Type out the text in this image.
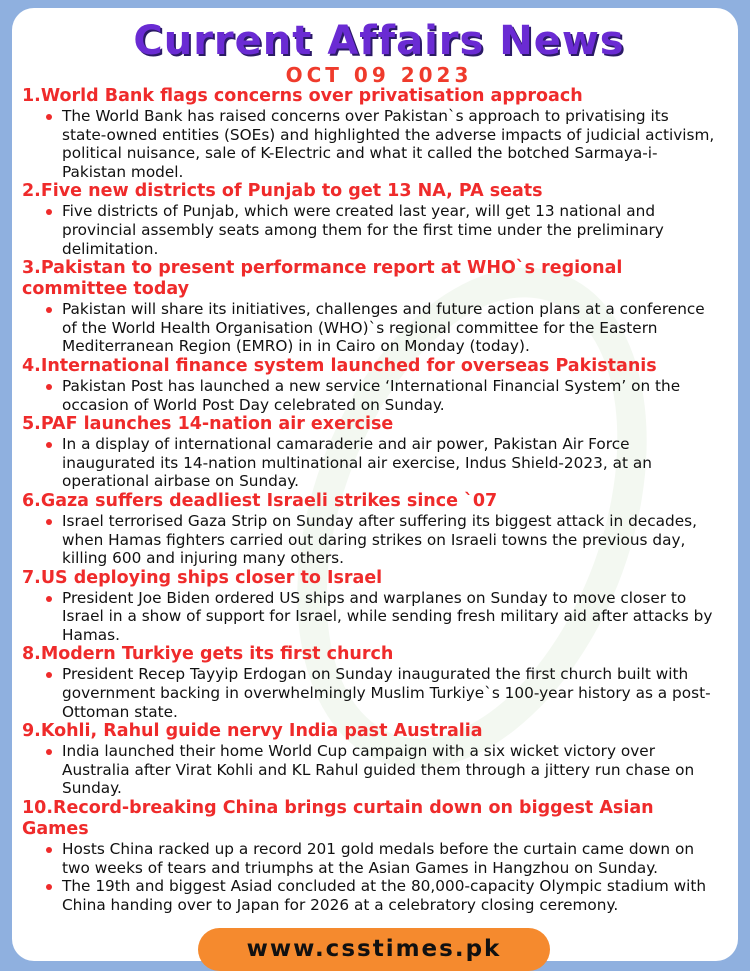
Current Affairs News

OCT 09 2023

1.World Bank flags concerns over privatisation approach
The World Bank has raised concerns over Pakistan`s approach to privatising its state-owned entities (SOEs) and highlighted the adverse impacts of judicial activism, political nuisance, sale of K-Electric and what it called the botched Sarmaya-i-Pakistan model.
2.Five new districts of Punjab to get 13 NA, PA seats
Five districts of Punjab, which were created last year, will get 13 national and provincial assembly seats among them for the first time under the preliminary delimitation.
3.Pakistan to present performance report at WHO`s regional committee today
Pakistan will share its initiatives, challenges and future action plans at a conference of the World Health Organisation (WHO)`s regional committee for the Eastern Mediterranean Region (EMRO) in in Cairo on Monday (today).
4.International finance system launched for overseas Pakistanis
Pakistan Post has launched a new service ‘International Financial System’ on the occasion of World Post Day celebrated on Sunday.
5.PAF launches 14-nation air exercise
In a display of international camaraderie and air power, Pakistan Air Force inaugurated its 14-nation multinational air exercise, Indus Shield-2023, at an operational airbase on Sunday.
6.Gaza suffers deadliest Israeli strikes since `07
Israel terrorised Gaza Strip on Sunday after suffering its biggest attack in decades, when Hamas fighters carried out daring strikes on Israeli towns the previous day, killing 600 and injuring many others.
7.US deploying ships closer to Israel
President Joe Biden ordered US ships and warplanes on Sunday to move closer to Israel in a show of support for Israel, while sending fresh military aid after attacks by Hamas.
8.Modern Turkiye gets its first church
President Recep Tayyip Erdogan on Sunday inaugurated the first church built with government backing in overwhelmingly Muslim Turkiye`s 100-year history as a post-Ottoman state.
9.Kohli, Rahul guide nervy India past Australia
India launched their home World Cup campaign with a six wicket victory over Australia after Virat Kohli and KL Rahul guided them through a jittery run chase on Sunday.
10.Record-breaking China brings curtain down on biggest Asian Games
Hosts China racked up a record 201 gold medals before the curtain came down on two weeks of tears and triumphs at the Asian Games in Hangzhou on Sunday.
The 19th and biggest Asiad concluded at the 80,000-capacity Olympic stadium with China handing over to Japan for 2026 at a celebratory closing ceremony.
www.csstimes.pk
